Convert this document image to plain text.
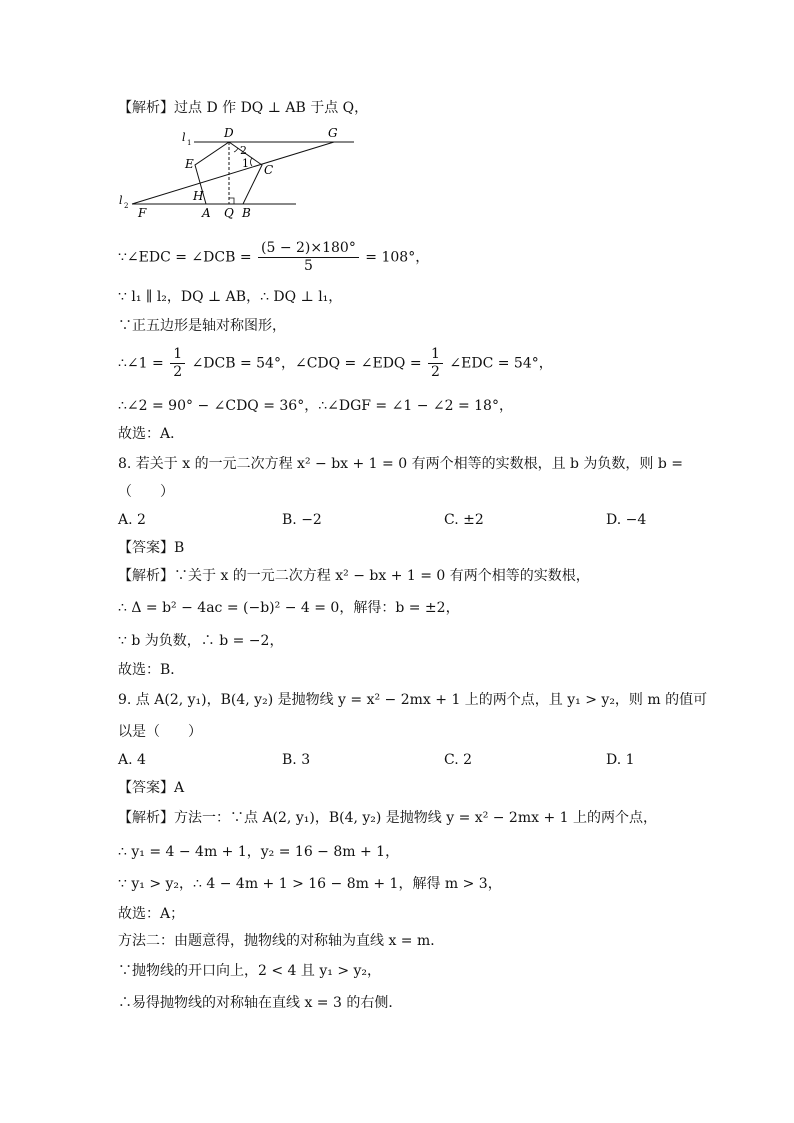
【解析】过点 D 作 DQ ⊥ AB 于点 Q，
l 1
l 2
D	G
E	C
H
F	A Q B
2
1
∵∠EDC = ∠DCB = $\frac{(5 - 2)\times 180^\circ}{5} = 108^\circ$，
∵ l₁ ∥ l₂，DQ ⊥ AB，∴ DQ ⊥ l₁，
∵正五边形是轴对称图形，
∴∠1 = $\frac{1}{2}$ ∠DCB = 54°，∠CDQ = ∠EDQ = $\frac{1}{2}$ ∠EDC = 54°，
∴∠2 = 90° − ∠CDQ = 36°，∴∠DGF = ∠1 − ∠2 = 18°，
故选：A．
8. 若关于 x 的一元二次方程 x² − bx + 1 = 0 有两个相等的实数根，且 b 为负数，则 b =
（　　）
A. 2	B. −2	C. ±2	D. −4
【答案】B
【解析】∵关于 x 的一元二次方程 x² − bx + 1 = 0 有两个相等的实数根，
∴ Δ = b² − 4ac = (−b)² − 4 = 0，解得：b = ±2，
∵ b 为负数，∴ b = −2，
故选：B．
9. 点 A(2, y₁)，B(4, y₂) 是抛物线 y = x² − 2mx + 1 上的两个点，且 y₁ > y₂，则 m 的值可
以是（　　）
A. 4	B. 3	C. 2	D. 1
【答案】A
【解析】方法一：∵点 A(2, y₁)，B(4, y₂) 是抛物线 y = x² − 2mx + 1 上的两个点，
∴ y₁ = 4 − 4m + 1，y₂ = 16 − 8m + 1，
∵ y₁ > y₂，∴ 4 − 4m + 1 > 16 − 8m + 1，解得 m > 3，
故选：A；
方法二：由题意得，抛物线的对称轴为直线 x = m．
∵抛物线的开口向上，2 < 4 且 y₁ > y₂，
∴易得抛物线的对称轴在直线 x = 3 的右侧．
